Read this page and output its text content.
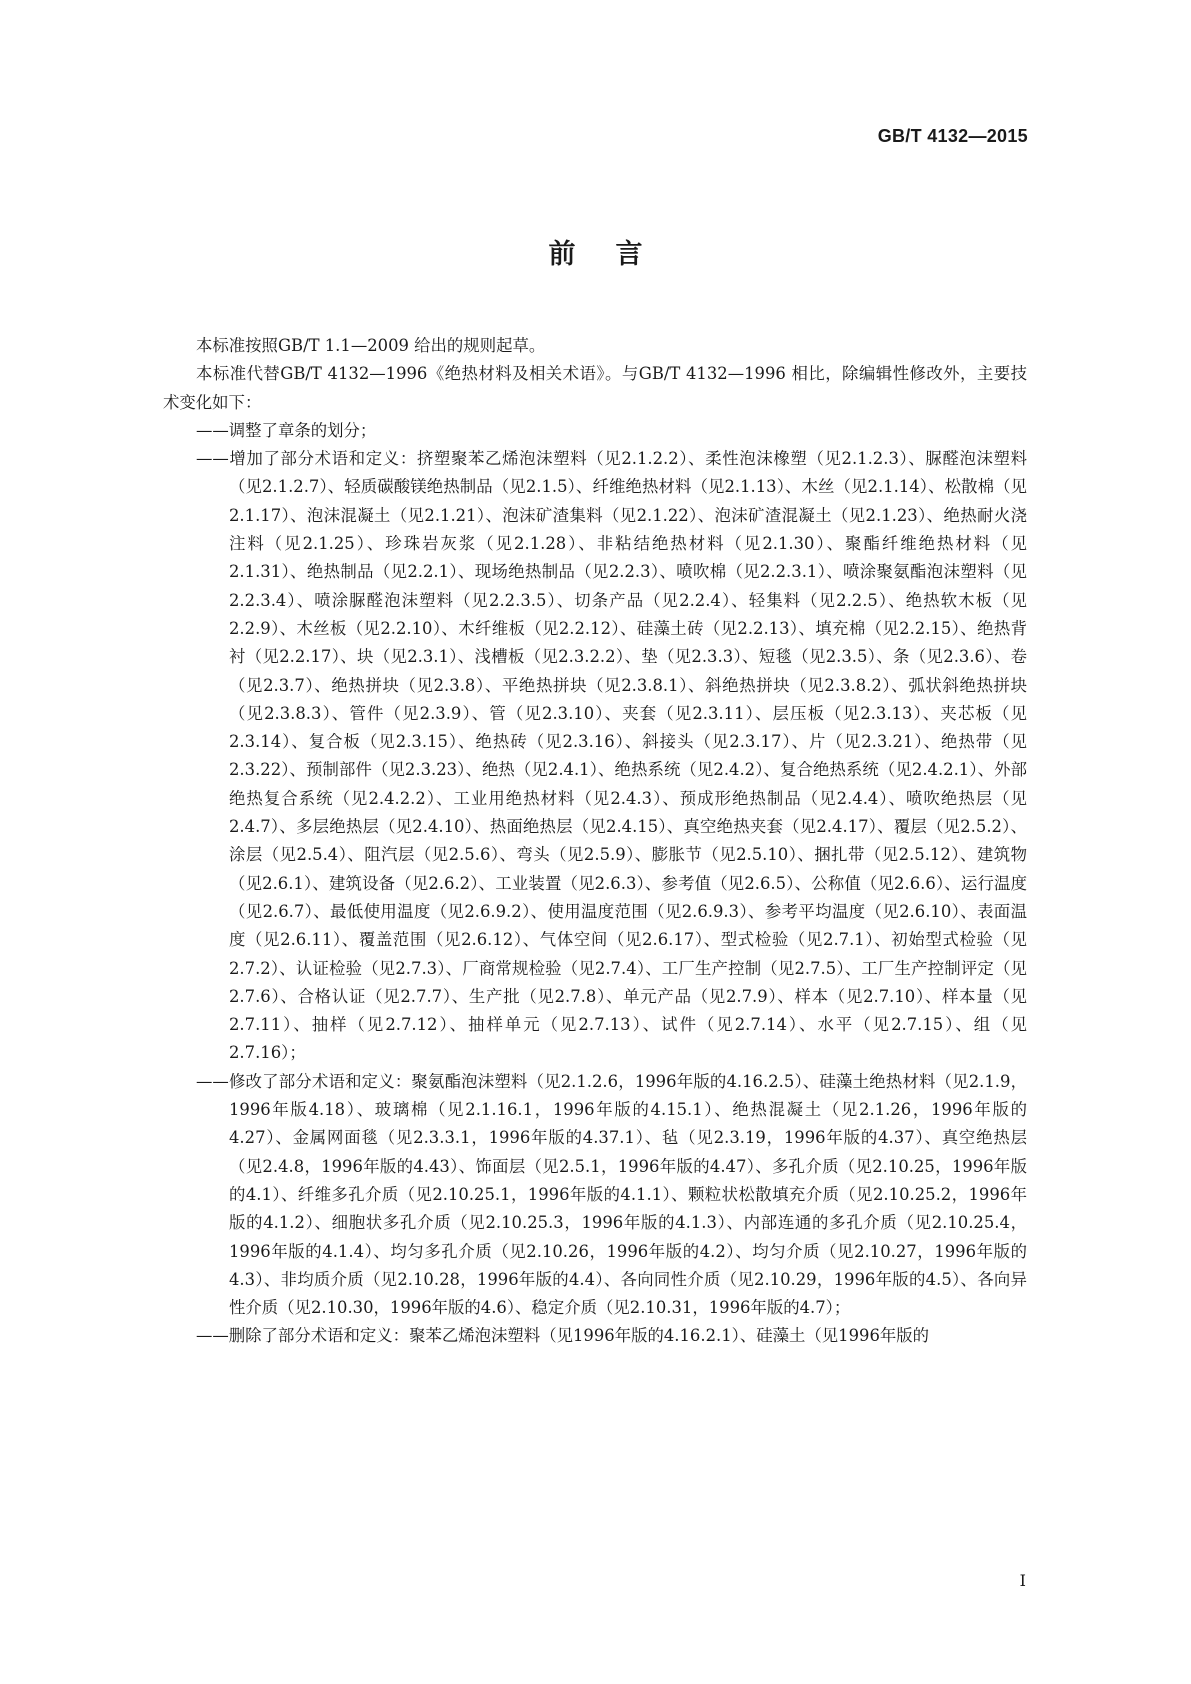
GB/T 4132—2015
前言

本标准按照GB/T 1.1—2009 给出的规则起草。

本标准代替GB/T 4132—1996《绝热材料及相关术语》。与GB/T 4132—1996 相比，除编辑性修改外，主要技术变化如下：

——调整了章条的划分；

——增加了部分术语和定义：挤塑聚苯乙烯泡沫塑料（见2.1.2.2）、柔性泡沫橡塑（见2.1.2.3）、脲醛泡沫塑料（见2.1.2.7）、轻质碳酸镁绝热制品（见2.1.5）、纤维绝热材料（见2.1.13）、木丝（见2.1.14）、松散棉（见2.1.17）、泡沫混凝土（见2.1.21）、泡沫矿渣集料（见2.1.22）、泡沫矿渣混凝土（见2.1.23）、绝热耐火浇注料（见2.1.25）、珍珠岩灰浆（见2.1.28）、非粘结绝热材料（见2.1.30）、聚酯纤维绝热材料（见2.1.31）、绝热制品（见2.2.1）、现场绝热制品（见2.2.3）、喷吹棉（见2.2.3.1）、喷涂聚氨酯泡沫塑料（见2.2.3.4）、喷涂脲醛泡沫塑料（见2.2.3.5）、切条产品（见2.2.4）、轻集料（见2.2.5）、绝热软木板（见2.2.9）、木丝板（见2.2.10）、木纤维板（见2.2.12）、硅藻土砖（见2.2.13）、填充棉（见2.2.15）、绝热背衬（见2.2.17）、块（见2.3.1）、浅槽板（见2.3.2.2）、垫（见2.3.3）、短毯（见2.3.5）、条（见2.3.6）、卷（见2.3.7）、绝热拼块（见2.3.8）、平绝热拼块（见2.3.8.1）、斜绝热拼块（见2.3.8.2）、弧状斜绝热拼块（见2.3.8.3）、管件（见2.3.9）、管（见2.3.10）、夹套（见2.3.11）、层压板（见2.3.13）、夹芯板（见2.3.14）、复合板（见2.3.15）、绝热砖（见2.3.16）、斜接头（见2.3.17）、片（见2.3.21）、绝热带（见2.3.22）、预制部件（见2.3.23）、绝热（见2.4.1）、绝热系统（见2.4.2）、复合绝热系统（见2.4.2.1）、外部绝热复合系统（见2.4.2.2）、工业用绝热材料（见2.4.3）、预成形绝热制品（见2.4.4）、喷吹绝热层（见2.4.7）、多层绝热层（见2.4.10）、热面绝热层（见2.4.15）、真空绝热夹套（见2.4.17）、覆层（见2.5.2）、涂层（见2.5.4）、阻汽层（见2.5.6）、弯头（见2.5.9）、膨胀节（见2.5.10）、捆扎带（见2.5.12）、建筑物（见2.6.1）、建筑设备（见2.6.2）、工业装置（见2.6.3）、参考值（见2.6.5）、公称值（见2.6.6）、运行温度（见2.6.7）、最低使用温度（见2.6.9.2）、使用温度范围（见2.6.9.3）、参考平均温度（见2.6.10）、表面温度（见2.6.11）、覆盖范围（见2.6.12）、气体空间（见2.6.17）、型式检验（见2.7.1）、初始型式检验（见2.7.2）、认证检验（见2.7.3）、厂商常规检验（见2.7.4）、工厂生产控制（见2.7.5）、工厂生产控制评定（见2.7.6）、合格认证（见2.7.7）、生产批（见2.7.8）、单元产品（见2.7.9）、样本（见2.7.10）、样本量（见2.7.11）、抽样（见2.7.12）、抽样单元（见2.7.13）、试件（见2.7.14）、水平（见2.7.15）、组（见2.7.16）；

——修改了部分术语和定义：聚氨酯泡沫塑料（见2.1.2.6，1996年版的4.16.2.5）、硅藻土绝热材料（见2.1.9，1996年版4.18）、玻璃棉（见2.1.16.1，1996年版的4.15.1）、绝热混凝土（见2.1.26，1996年版的4.27）、金属网面毯（见2.3.3.1，1996年版的4.37.1）、毡（见2.3.19，1996年版的4.37）、真空绝热层（见2.4.8，1996年版的4.43）、饰面层（见2.5.1，1996年版的4.47）、多孔介质（见2.10.25，1996年版的4.1）、纤维多孔介质（见2.10.25.1，1996年版的4.1.1）、颗粒状松散填充介质（见2.10.25.2，1996年版的4.1.2）、细胞状多孔介质（见2.10.25.3，1996年版的4.1.3）、内部连通的多孔介质（见2.10.25.4，1996年版的4.1.4）、均匀多孔介质（见2.10.26，1996年版的4.2）、均匀介质（见2.10.27，1996年版的4.3）、非均质介质（见2.10.28，1996年版的4.4）、各向同性介质（见2.10.29，1996年版的4.5）、各向异性介质（见2.10.30，1996年版的4.6）、稳定介质（见2.10.31，1996年版的4.7）；

——删除了部分术语和定义：聚苯乙烯泡沫塑料（见1996年版的4.16.2.1）、硅藻土（见1996年版的

I
